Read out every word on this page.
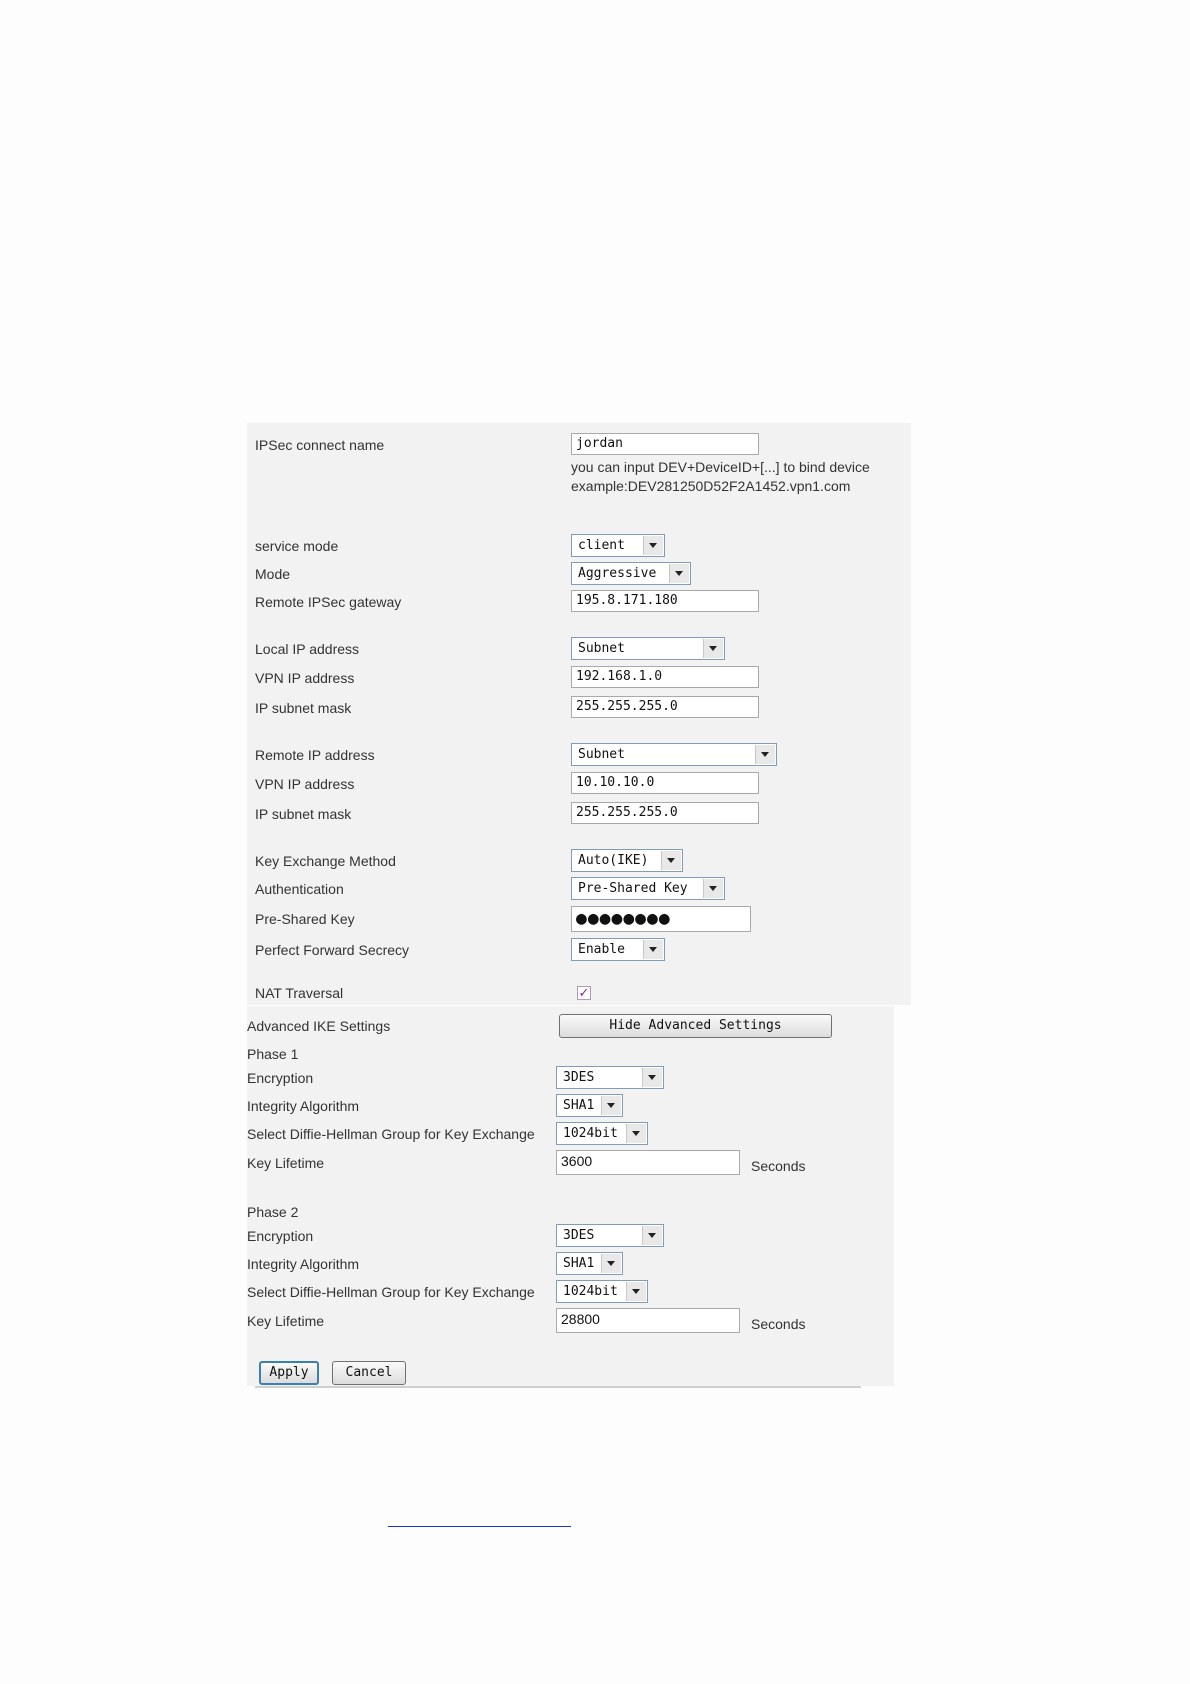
IPSec connect name	jordan
you can input DEV+DeviceID+[...] to bind device
example:DEV281250D52F2A1452.vpn1.com
service mode	client
Mode	Aggressive
Remote IPSec gateway	195.8.171.180
Local IP address	Subnet
VPN IP address	192.168.1.0
IP subnet mask	255.255.255.0
Remote IP address	Subnet
VPN IP address	10.10.10.0
IP subnet mask	255.255.255.0
Key Exchange Method	Auto(IKE)
Authentication	Pre-Shared Key
Pre-Shared Key	●●●●●●●●
Perfect Forward Secrecy	Enable
NAT Traversal	✓
Advanced IKE Settings	Hide Advanced Settings
Phase 1
Encryption	3DES
Integrity Algorithm	SHA1
Select Diffie-Hellman Group for Key Exchange	1024bit
Key Lifetime	3600	Seconds
Phase 2
Encryption	3DES
Integrity Algorithm	SHA1
Select Diffie-Hellman Group for Key Exchange	1024bit
Key Lifetime	28800	Seconds
Apply	Cancel
